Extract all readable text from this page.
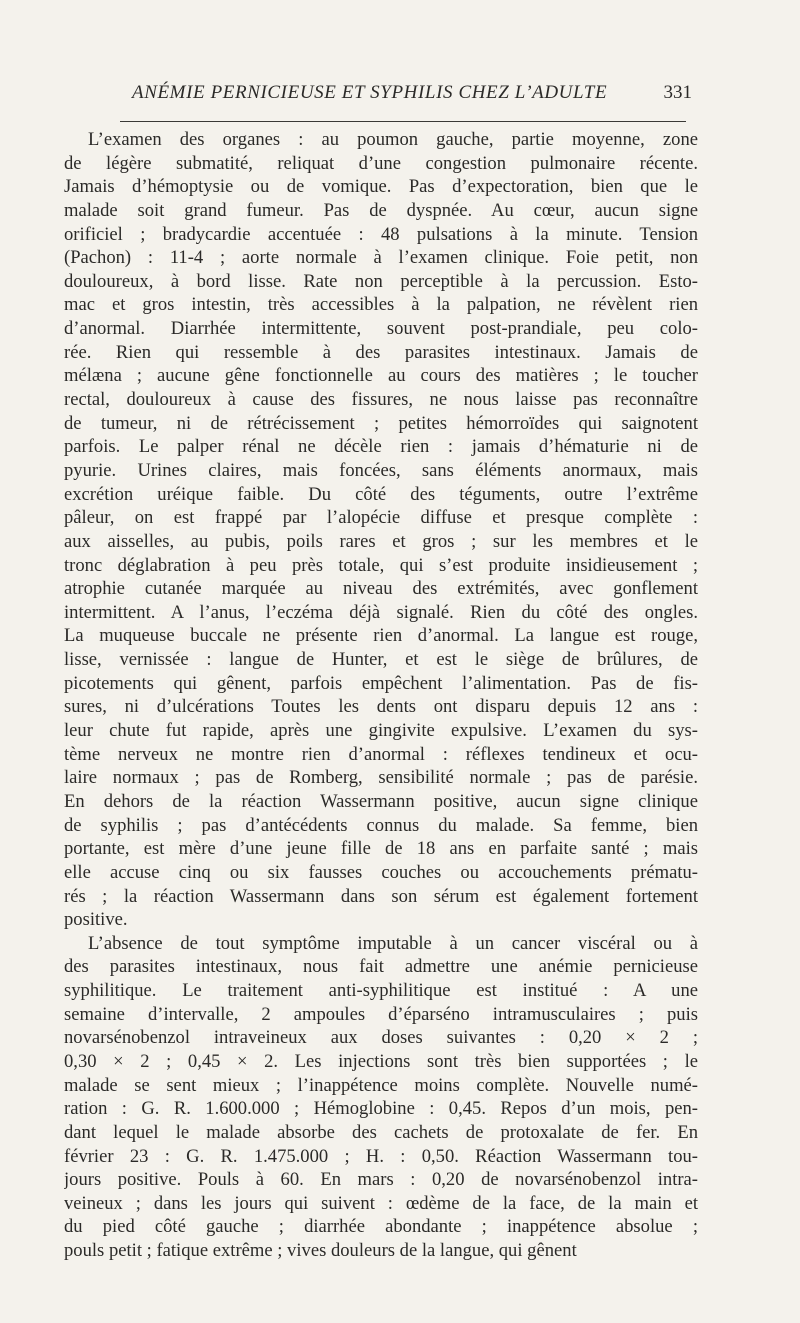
ANÉMIE PERNICIEUSE ET SYPHILIS CHEZ L’ADULTE	331
L’examen des organes : au poumon gauche, partie moyenne, zone
de légère submatité, reliquat d’une congestion pulmonaire récente.
Jamais d’hémoptysie ou de vomique. Pas d’expectoration, bien que le
malade soit grand fumeur. Pas de dyspnée. Au cœur, aucun signe
orificiel ; bradycardie accentuée : 48 pulsations à la minute. Tension
(Pachon) : 11-4 ; aorte normale à l’examen clinique. Foie petit, non
douloureux, à bord lisse. Rate non perceptible à la percussion. Esto-
mac et gros intestin, très accessibles à la palpation, ne révèlent rien
d’anormal. Diarrhée intermittente, souvent post-prandiale, peu colo-
rée. Rien qui ressemble à des parasites intestinaux. Jamais de
mélæna ; aucune gêne fonctionnelle au cours des matières ; le toucher
rectal, douloureux à cause des fissures, ne nous laisse pas reconnaître
de tumeur, ni de rétrécissement ; petites hémorroïdes qui saignotent
parfois. Le palper rénal ne décèle rien : jamais d’hématurie ni de
pyurie. Urines claires, mais foncées, sans éléments anormaux, mais
excrétion uréique faible. Du côté des téguments, outre l’extrême
pâleur, on est frappé par l’alopécie diffuse et presque complète :
aux aisselles, au pubis, poils rares et gros ; sur les membres et le
tronc déglabration à peu près totale, qui s’est produite insidieusement ;
atrophie cutanée marquée au niveau des extrémités, avec gonflement
intermittent. A l’anus, l’eczéma déjà signalé. Rien du côté des ongles.
La muqueuse buccale ne présente rien d’anormal. La langue est rouge,
lisse, vernissée : langue de Hunter, et est le siège de brûlures, de
picotements qui gênent, parfois empêchent l’alimentation. Pas de fis-
sures, ni d’ulcérations Toutes les dents ont disparu depuis 12 ans :
leur chute fut rapide, après une gingivite expulsive. L’examen du sys-
tème nerveux ne montre rien d’anormal : réflexes tendineux et ocu-
laire normaux ; pas de Romberg, sensibilité normale ; pas de parésie.
En dehors de la réaction Wassermann positive, aucun signe clinique
de syphilis ; pas d’antécédents connus du malade. Sa femme, bien
portante, est mère d’une jeune fille de 18 ans en parfaite santé ; mais
elle accuse cinq ou six fausses couches ou accouchements prématu-
rés ; la réaction Wassermann dans son sérum est également fortement
positive.
L’absence de tout symptôme imputable à un cancer viscéral ou à
des parasites intestinaux, nous fait admettre une anémie pernicieuse
syphilitique. Le traitement anti-syphilitique est institué : A une
semaine d’intervalle, 2 ampoules d’éparséno intramusculaires ; puis
novarsénobenzol intraveineux aux doses suivantes : 0,20 × 2 ;
0,30 × 2 ; 0,45 × 2. Les injections sont très bien supportées ; le
malade se sent mieux ; l’inappétence moins complète. Nouvelle numé-
ration : G. R. 1.600.000 ; Hémoglobine : 0,45. Repos d’un mois, pen-
dant lequel le malade absorbe des cachets de protoxalate de fer. En
février 23 : G. R. 1.475.000 ; H. : 0,50. Réaction Wassermann tou-
jours positive. Pouls à 60. En mars : 0,20 de novarsénobenzol intra-
veineux ; dans les jours qui suivent : œdème de la face, de la main et
du pied côté gauche ; diarrhée abondante ; inappétence absolue ;
pouls petit ; fatique extrême ; vives douleurs de la langue, qui gênent
